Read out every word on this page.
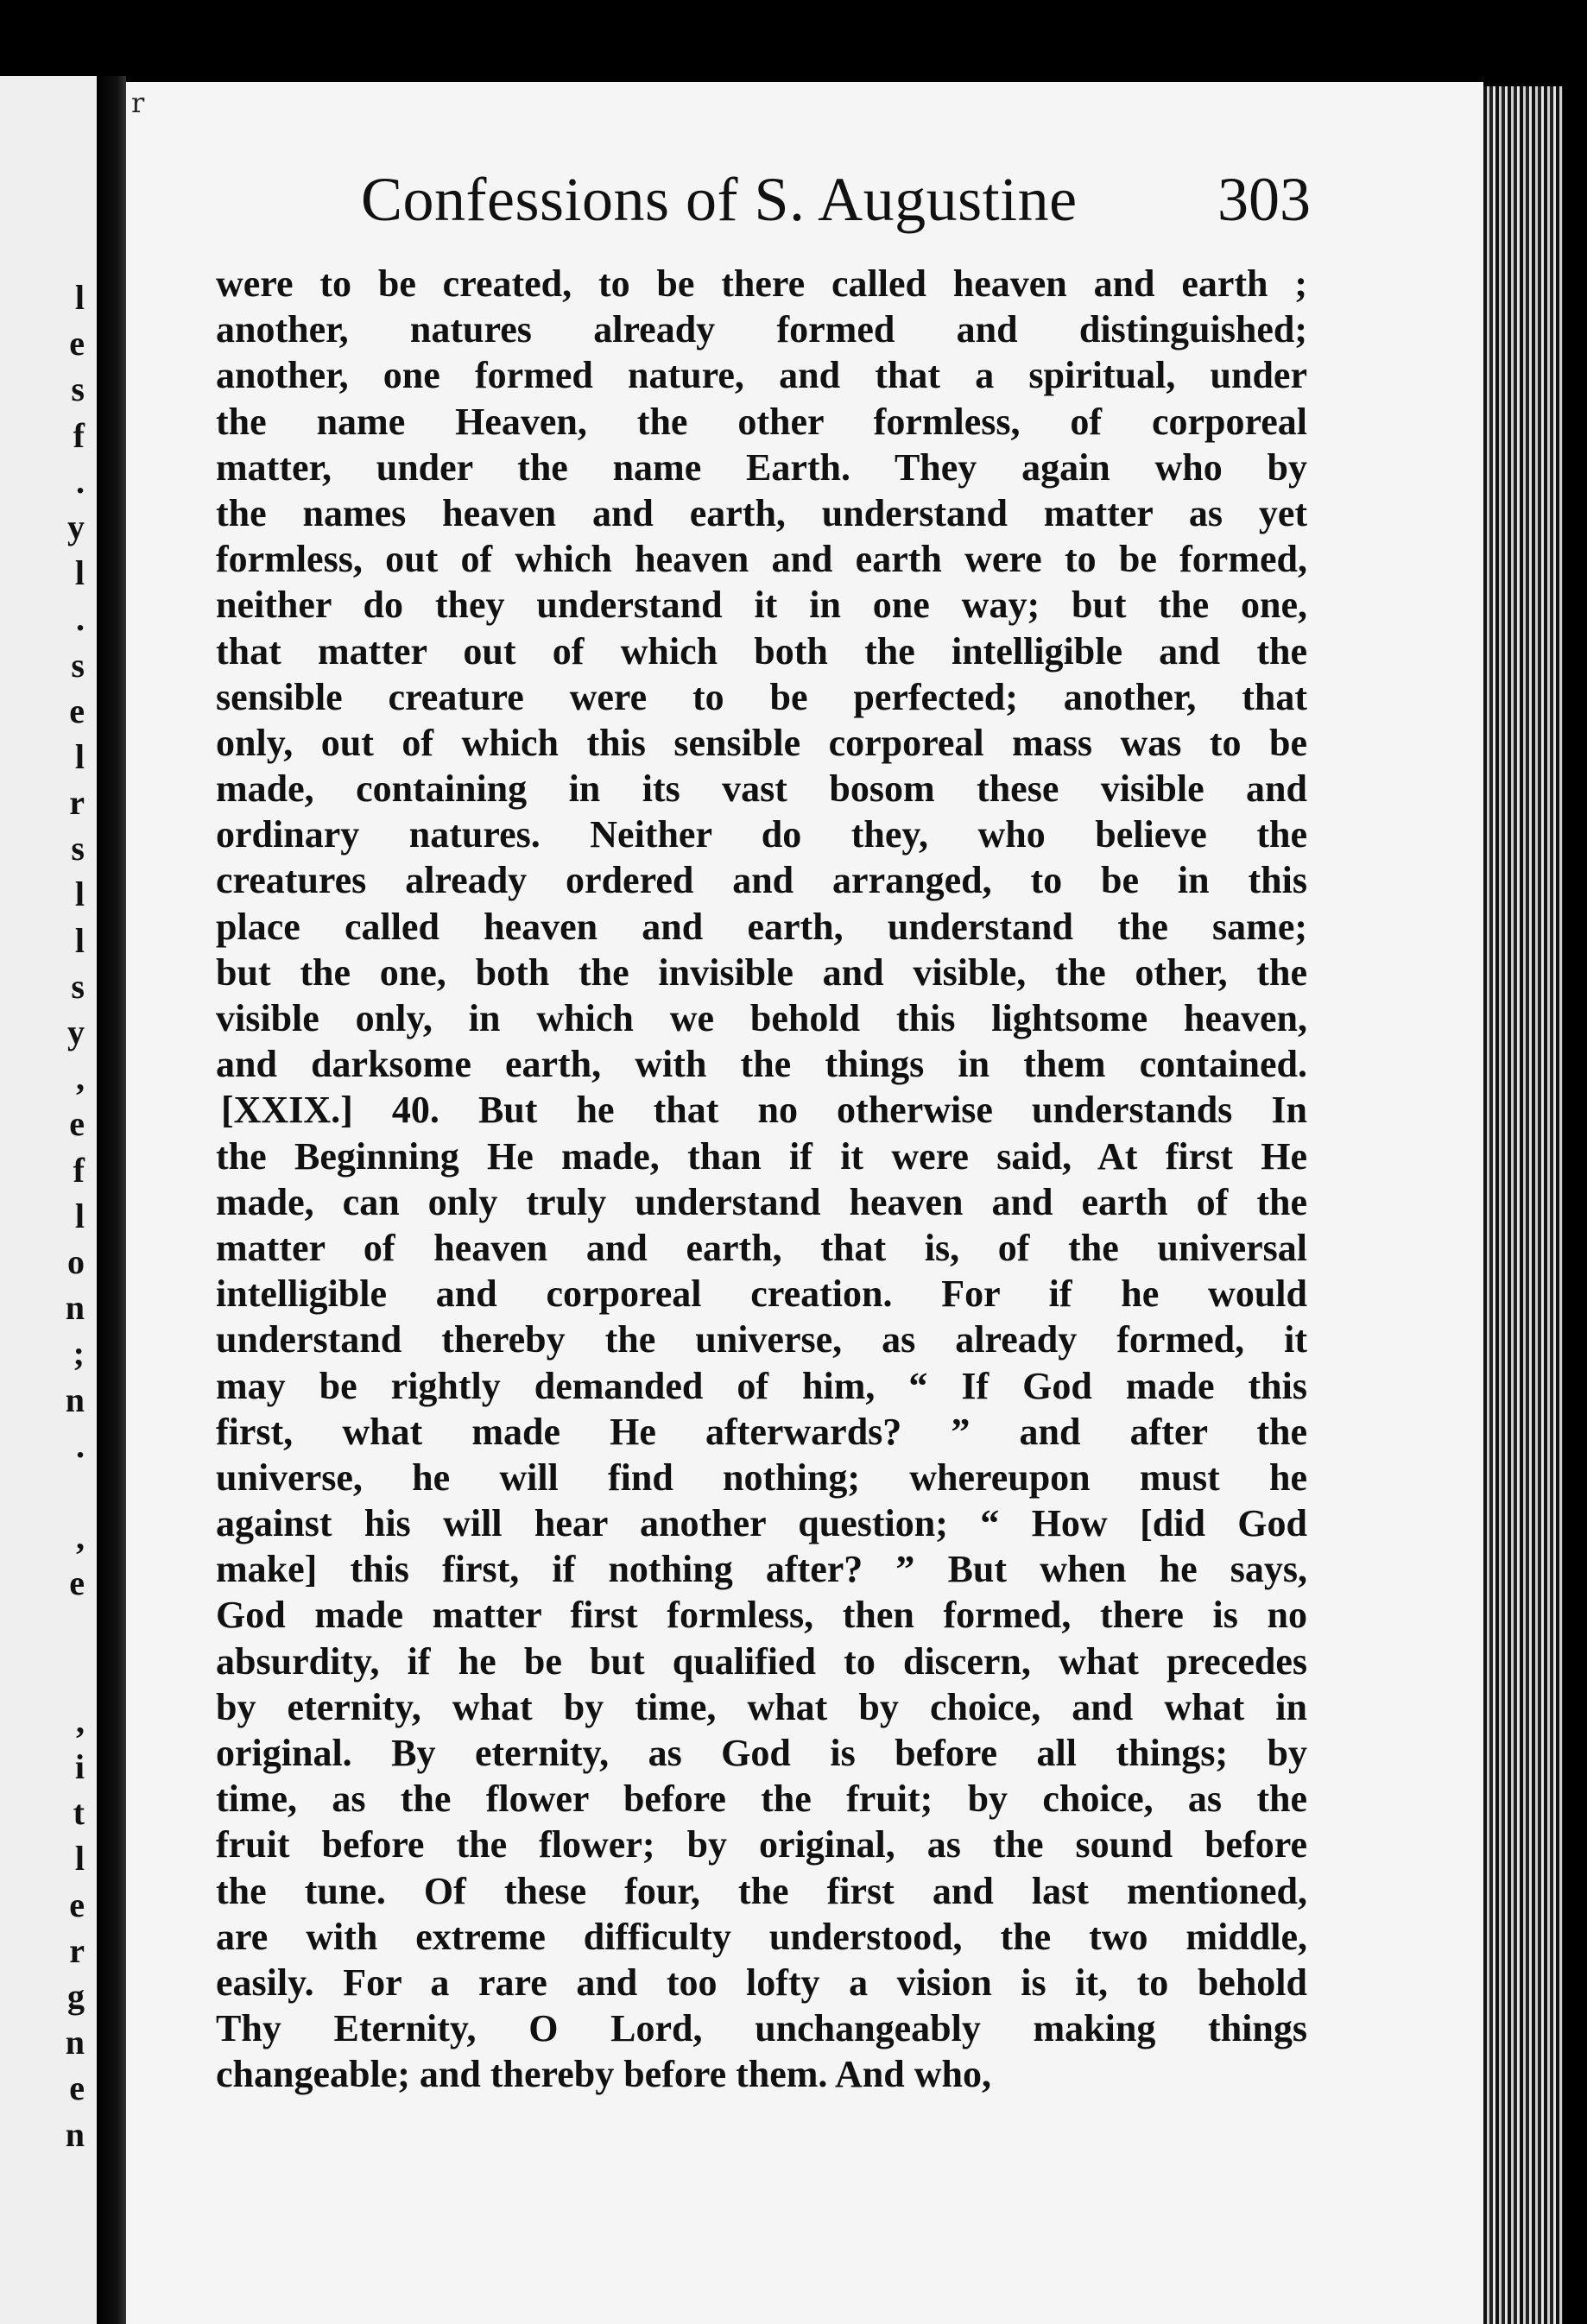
l
e
s
f
.
y
l
.
s
e
l
r
s
l
l
s
y
,
e
f
l
o
n
;
n
.
,
e
,
i
t
l
e
r
g
n
e
n
r
Confessions of S. Augustine 303
were to be created, to be there called heaven and earth ;
another, natures already formed and distinguished;
another, one formed nature, and that a spiritual, under
the name Heaven, the other formless, of corporeal
matter, under the name Earth. They again who by
the names heaven and earth, understand matter as yet
formless, out of which heaven and earth were to be formed,
neither do they understand it in one way; but the one,
that matter out of which both the intelligible and the
sensible creature were to be perfected; another, that
only, out of which this sensible corporeal mass was to be
made, containing in its vast bosom these visible and
ordinary natures. Neither do they, who believe the
creatures already ordered and arranged, to be in this
place called heaven and earth, understand the same;
but the one, both the invisible and visible, the other, the
visible only, in which we behold this lightsome heaven,
and darksome earth, with the things in them contained.
[XXIX.] 40. But he that no otherwise understands In
the Beginning He made, than if it were said, At first He
made, can only truly understand heaven and earth of the
matter of heaven and earth, that is, of the universal
intelligible and corporeal creation. For if he would
understand thereby the universe, as already formed, it
may be rightly demanded of him, “ If God made this
first, what made He afterwards? ” and after the
universe, he will find nothing; whereupon must he
against his will hear another question; “ How [did God
make] this first, if nothing after? ” But when he says,
God made matter first formless, then formed, there is no
absurdity, if he be but qualified to discern, what precedes
by eternity, what by time, what by choice, and what in
original. By eternity, as God is before all things; by
time, as the flower before the fruit; by choice, as the
fruit before the flower; by original, as the sound before
the tune. Of these four, the first and last mentioned,
are with extreme difficulty understood, the two middle,
easily. For a rare and too lofty a vision is it, to behold
Thy Eternity, O Lord, unchangeably making things
changeable; and thereby before them. And who,
